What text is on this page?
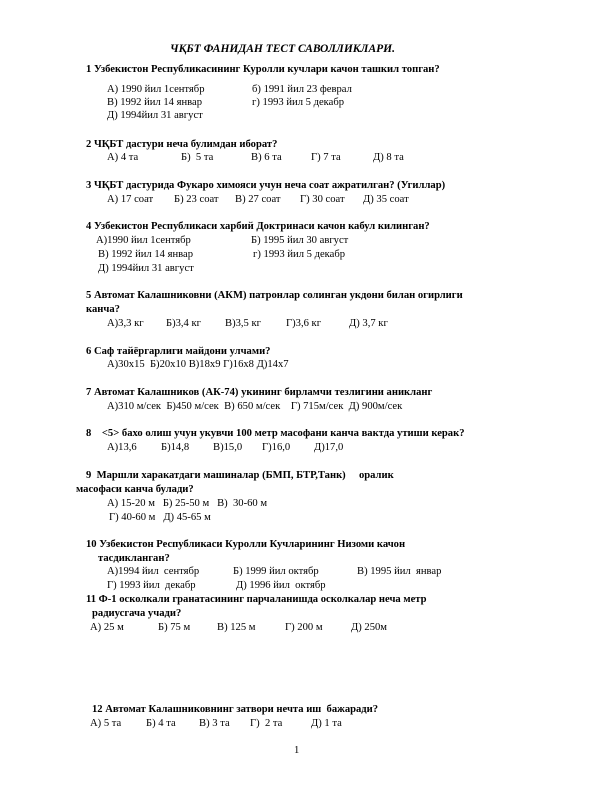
ЧҚБТ ФАНИДАН ТЕСТ САВОЛЛИКЛАРИ.
1 Узбекистон Республикасининг Куролли кучлари качон ташкил топган?
А) 1990 йил 1сентябр	б) 1991 йил 23 феврал
В) 1992 йил 14 январ	г) 1993 йил 5 декабр
Д) 1994йил 31 август
2 ЧҚБТ дастури неча булимдан иборат?
А) 4 та	Б)  5 та	В) 6 та	Г) 7 та	Д) 8 та
3 ЧҚБТ дастурида Фукаро химояси учун неча соат ажратилган? (Угиллар)
А) 17 соат Б) 23 соат В) 27 соат Г) 30 соат Д) 35 соат
4 Узбекистон Республикаси харбий Доктринаси качон кабул килинган?
А)1990 йил 1сентябр	Б) 1995 йил 30 август
В) 1992 йил 14 январ	г) 1993 йил 5 декабр
Д) 1994йил 31 август
5 Автомат Калашниковни (АКМ) патронлар солинган укдони билан огирлиги
канча?
А)3,3 кг Б)3,4 кг В)3,5 кг Г)3,6 кг	Д) 3,7 кг
6 Саф тайёргарлиги майдони улчами?
А)30х15  Б)20х10 В)18х9 Г)16х8 Д)14х7
7 Автомат Калашников (АК-74) укининг бирламчи тезлигини аникланг
А)310 м/сек  Б)450 м/сек  В) 650 м/сек    Г) 715м/сек  Д) 900м/сек
8    <5> бахо олиш учун укувчи 100 метр масофани канча вактда утиши керак?
А)13,6 Б)14,8 В)15,0 Г)16,0 Д)17,0
9  Маршли харакатдаги машиналар (БМП, БТР,Танк)     оралик
масофаси канча булади?
А) 15-20 м   Б) 25-50 м   В)  30-60 м
Г) 40-60 м   Д) 45-65 м
10 Узбекистон Республикаси Куролли Кучларининг Низоми качон
тасдикланган?
А)1994 йил  сентябр	Б) 1999 йил октябр	В) 1995 йил  январ
Г) 1993 йил  декабр	Д) 1996 йил  октябр
11 Ф-1 осколкали гранатасининг парчаланишда осколкалар неча метр
радиусгача учади?
А) 25 м	Б) 75 м	В) 125 м	Г) 200 м	Д) 250м
12 Автомат Калашниковнинг затвори нечта иш  бажаради?
А) 5 та Б) 4 та В) 3 та Г)  2 та	Д) 1 та
1
